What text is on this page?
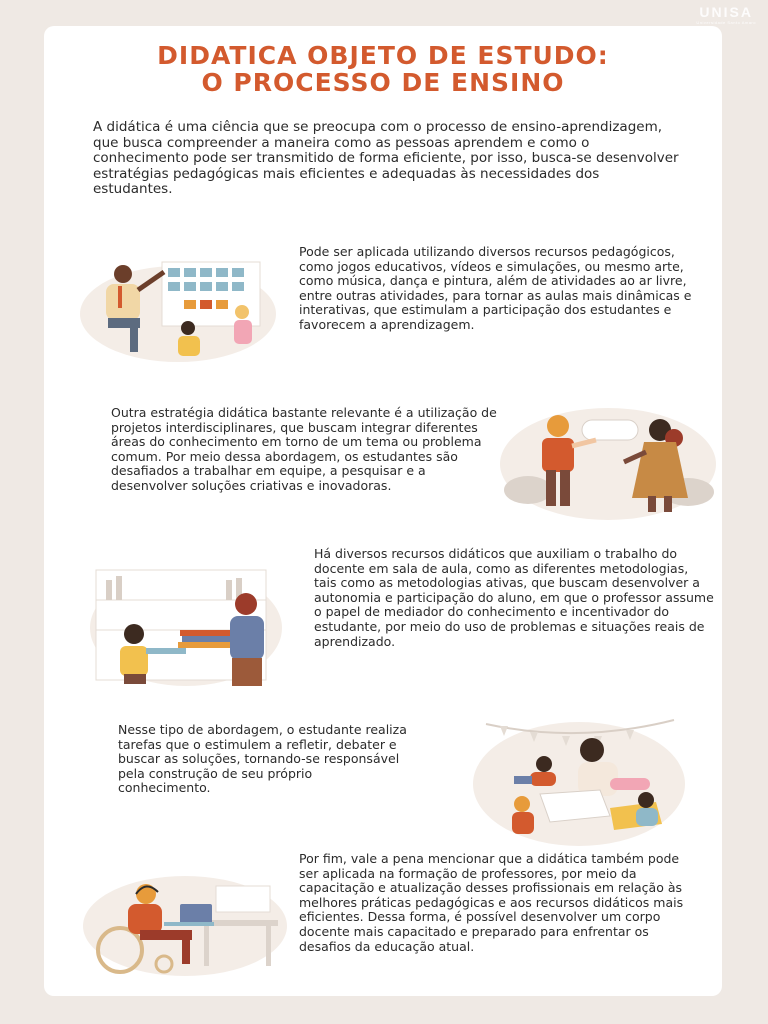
UNISA
Universidade Santo Amaro
DIDATICA OBJETO DE ESTUDO:
O PROCESSO DE ENSINO

A didática é uma ciência que se preocupa com o processo de ensino-aprendizagem, que busca compreender a maneira como as pessoas aprendem e como o conhecimento pode ser transmitido de forma eficiente, por isso, busca-se desenvolver estratégias pedagógicas mais eficientes e adequadas às necessidades dos estudantes.

Pode ser aplicada utilizando diversos recursos pedagógicos, como jogos educativos, vídeos e simulações, ou mesmo arte, como música, dança e pintura, além de atividades ao ar livre, entre outras atividades, para tornar as aulas mais dinâmicas e interativas, que estimulam a participação dos estudantes e favorecem a aprendizagem.

Outra estratégia didática bastante relevante é a utilização de projetos interdisciplinares, que buscam integrar diferentes áreas do conhecimento em torno de um tema ou problema comum. Por meio dessa abordagem, os estudantes são desafiados a trabalhar em equipe, a pesquisar e a desenvolver soluções criativas e inovadoras.

Há diversos recursos didáticos que auxiliam o trabalho do docente em sala de aula, como as diferentes metodologias, tais como as metodologias ativas, que buscam desenvolver a autonomia e participação do aluno, em que o professor assume o papel de mediador do conhecimento e incentivador do estudante, por meio do uso de problemas e situações reais de aprendizado.

Nesse tipo de abordagem, o estudante realiza tarefas que o estimulem a refletir, debater e buscar as soluções, tornando-se responsável pela construção de seu próprio conhecimento.

Por fim, vale a pena mencionar que a didática também pode ser aplicada na formação de professores, por meio da capacitação e atualização desses profissionais em relação às melhores práticas pedagógicas e aos recursos didáticos mais eficientes. Dessa forma, é possível desenvolver um corpo docente mais capacitado e preparado para enfrentar os desafios da educação atual.
